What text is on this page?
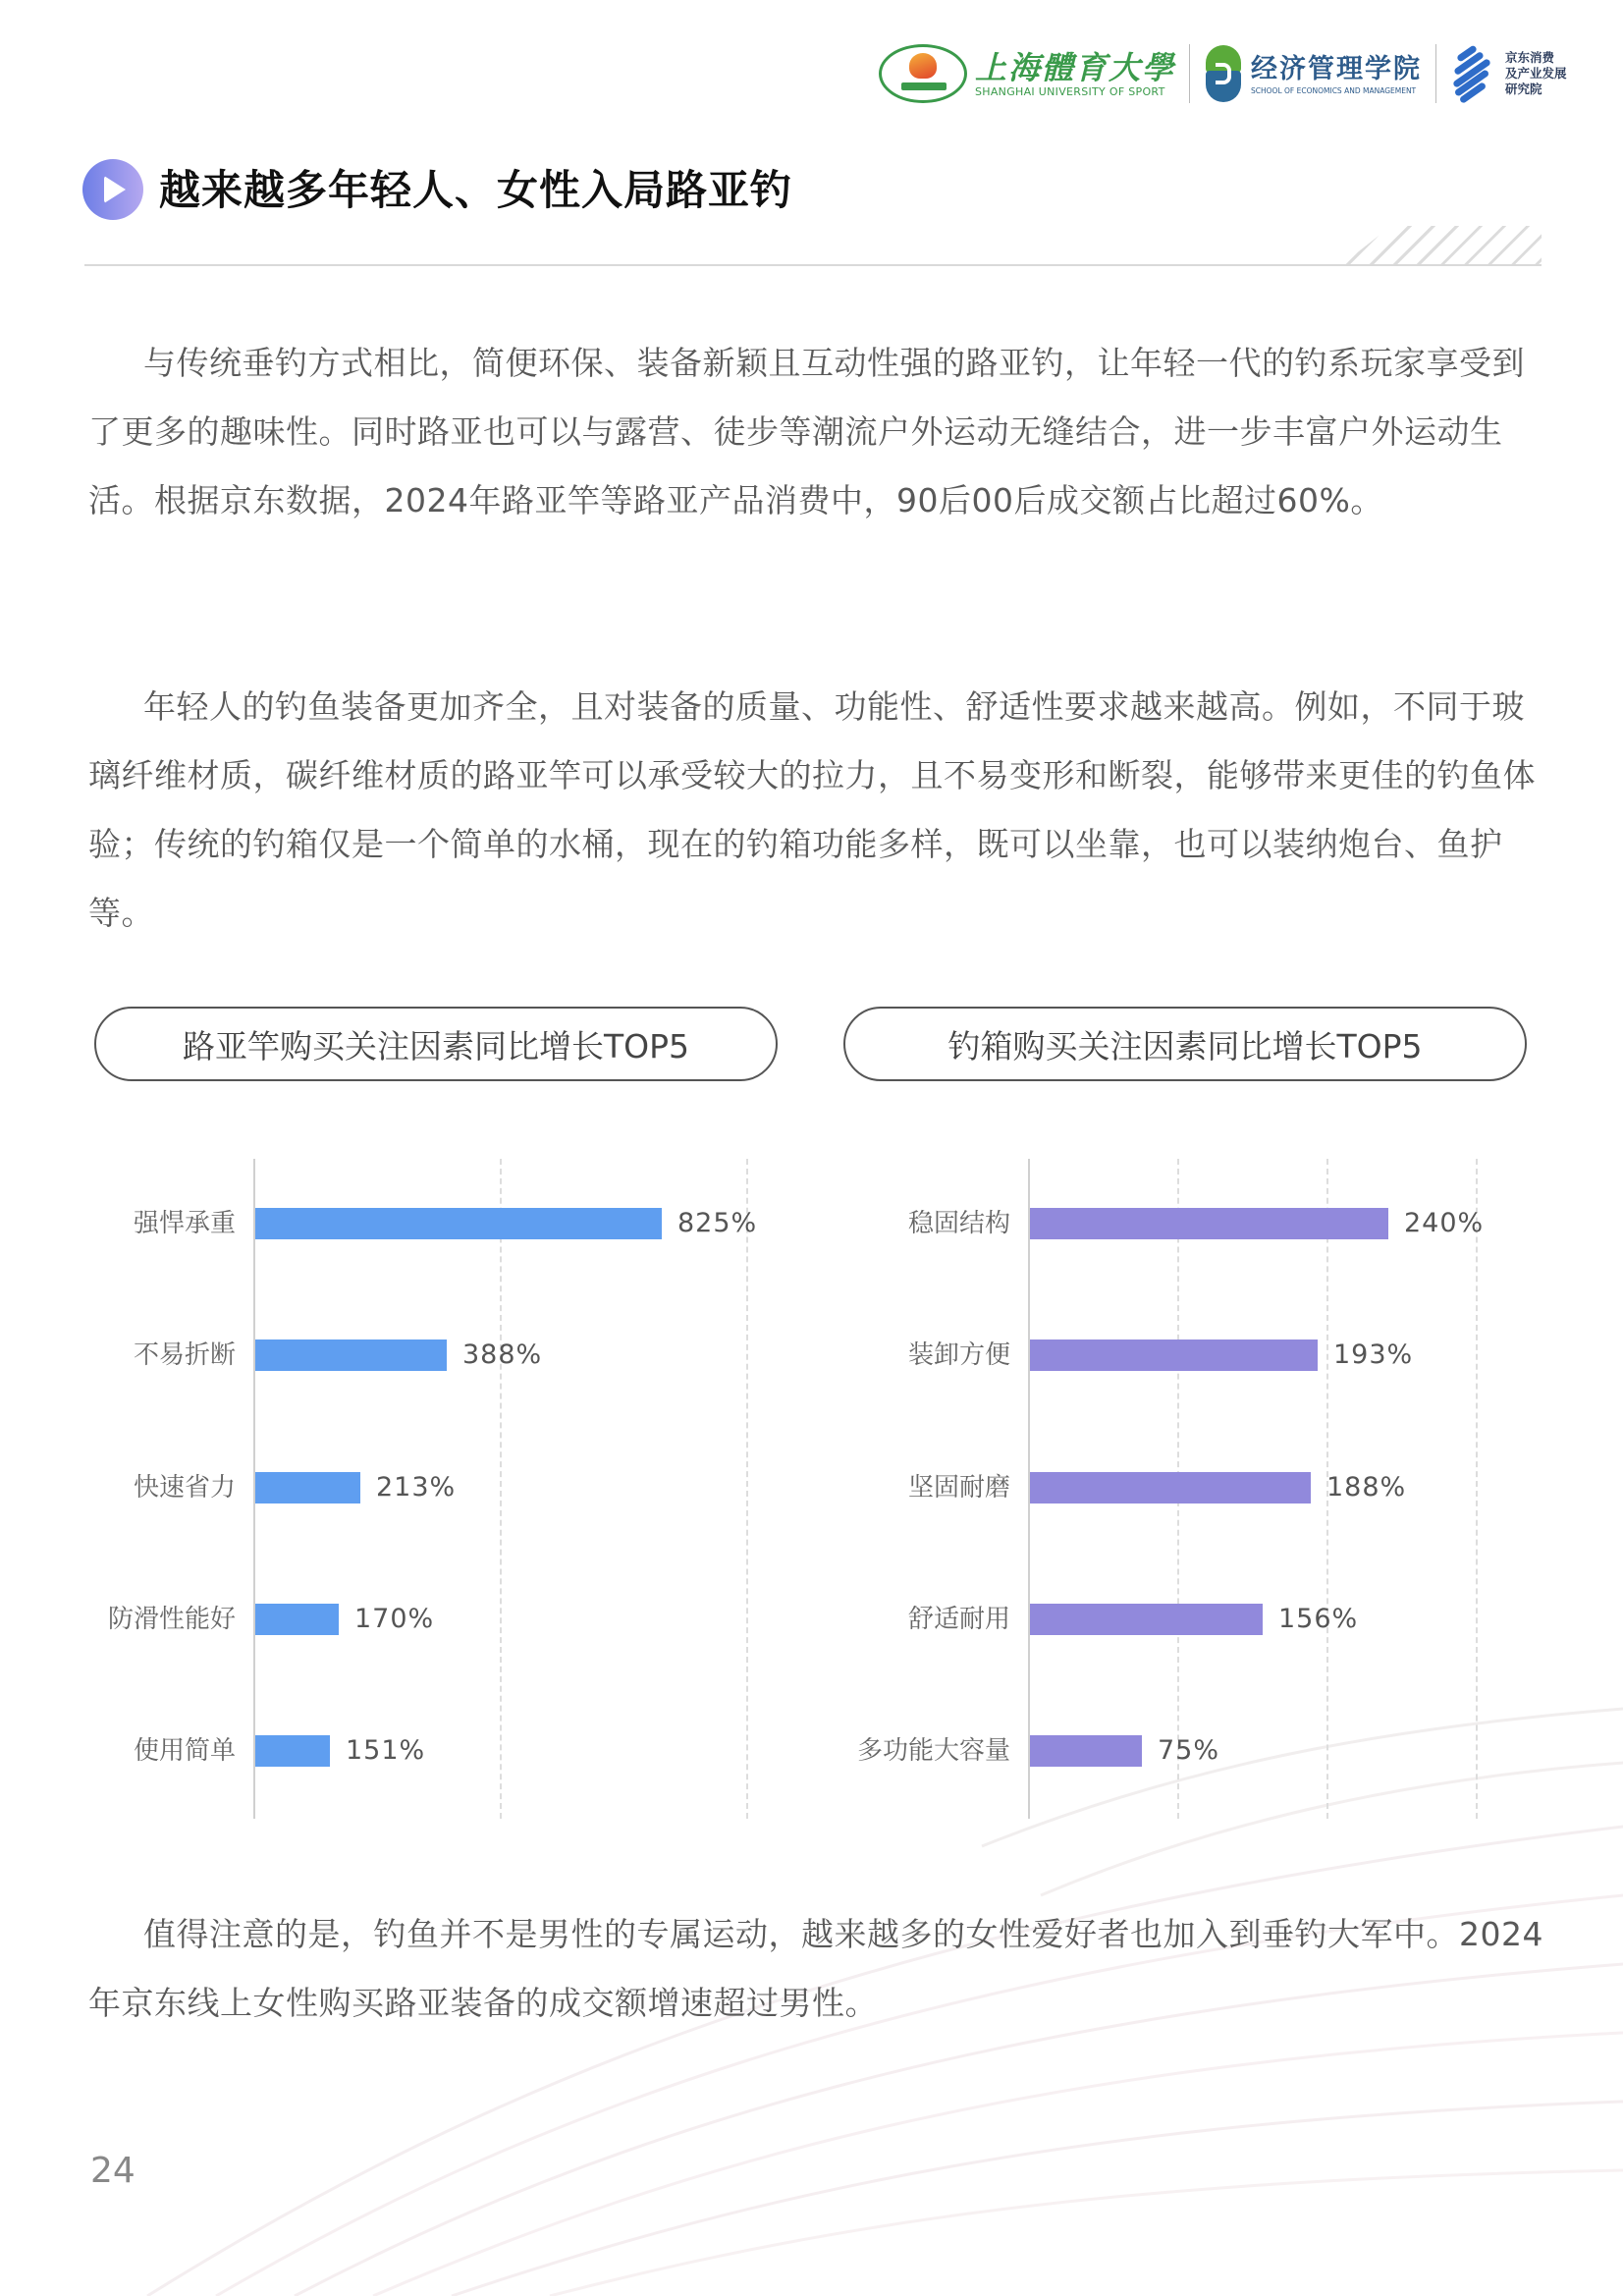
上海體育大學
SHANGHAI UNIVERSITY OF SPORT
经济管理学院
SCHOOL OF ECONOMICS AND MANAGEMENT
京东消费
及产业发展
研究院
越来越多年轻人、女性入局路亚钓

与传统垂钓方式相比，简便环保、装备新颖且互动性强的路亚钓，让年轻一代的钓系玩家享受到了更多的趣味性。同时路亚也可以与露营、徒步等潮流户外运动无缝结合，进一步丰富户外运动生活。根据京东数据，2024年路亚竿等路亚产品消费中，90后00后成交额占比超过60%。

年轻人的钓鱼装备更加齐全，且对装备的质量、功能性、舒适性要求越来越高。例如，不同于玻璃纤维材质，碳纤维材质的路亚竿可以承受较大的拉力，且不易变形和断裂，能够带来更佳的钓鱼体验；传统的钓箱仅是一个简单的水桶，现在的钓箱功能多样，既可以坐靠，也可以装纳炮台、鱼护等。

路亚竿购买关注因素同比增长TOP5	钓箱购买关注因素同比增长TOP5
强悍承重	825%
不易折断	388%
快速省力	213%
防滑性能好	170%
使用简单	151%
稳固结构	240%
装卸方便	193%
坚固耐磨	188%
舒适耐用	156%
多功能大容量	75%

值得注意的是，钓鱼并不是男性的专属运动，越来越多的女性爱好者也加入到垂钓大军中。2024年京东线上女性购买路亚装备的成交额增速超过男性。

24
